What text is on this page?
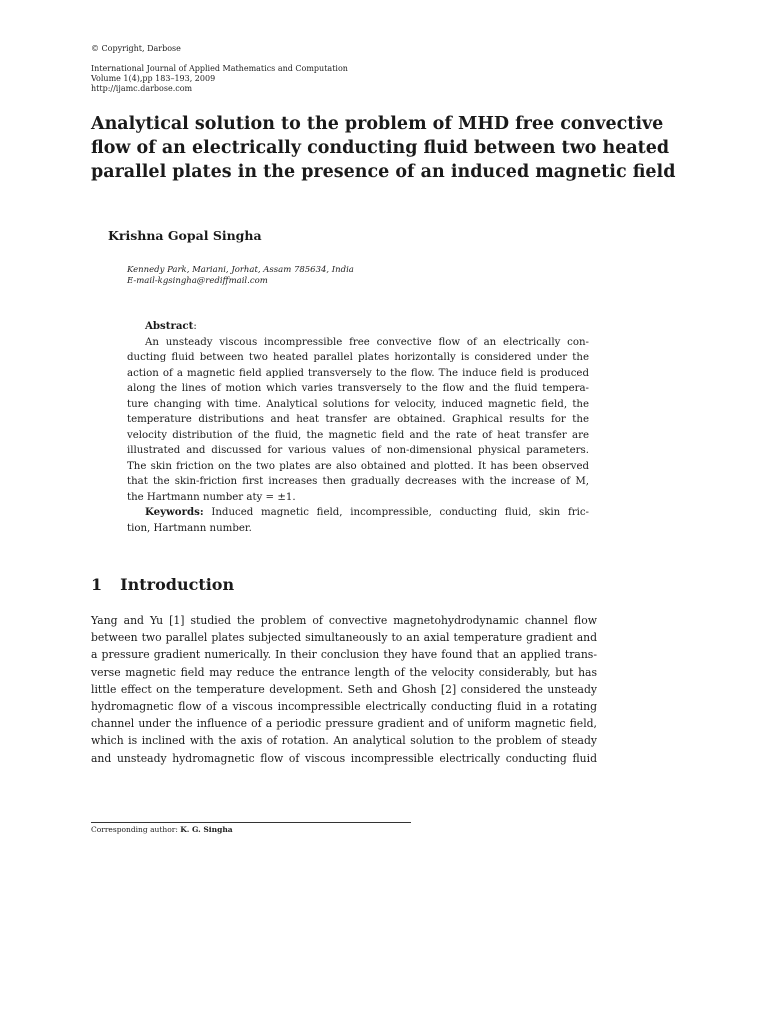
© Copyright, Darbose
International Journal of Applied Mathematics and Computation
Volume 1(4),pp 183–193, 2009
http://ijamc.darbose.com
Analytical solution to the problem of MHD free convective
flow of an electrically conducting fluid between two heated
parallel plates in the presence of an induced magnetic field
Krishna Gopal Singha
Kennedy Park, Mariani, Jorhat, Assam 785634, India
E-mail-kgsingha@rediffmail.com
Abstract:
An unsteady viscous incompressible free convective flow of an electrically con-
ducting fluid between two heated parallel plates horizontally is considered under the
action of a magnetic field applied transversely to the flow. The induce field is produced
along the lines of motion which varies transversely to the flow and the fluid tempera-
ture changing with time. Analytical solutions for velocity, induced magnetic field, the
temperature distributions and heat transfer are obtained. Graphical results for the
velocity distribution of the fluid, the magnetic field and the rate of heat transfer are
illustrated and discussed for various values of non-dimensional physical parameters.
The skin friction on the two plates are also obtained and plotted. It has been observed
that the skin-friction first increases then gradually decreases with the increase of M,
the Hartmann number aty = ±1.
Keywords: Induced magnetic field, incompressible, conducting fluid, skin fric-
tion, Hartmann number.
1 Introduction
Yang and Yu [1] studied the problem of convective magnetohydrodynamic channel flow
between two parallel plates subjected simultaneously to an axial temperature gradient and
a pressure gradient numerically. In their conclusion they have found that an applied trans-
verse magnetic field may reduce the entrance length of the velocity considerably, but has
little effect on the temperature development. Seth and Ghosh [2] considered the unsteady
hydromagnetic flow of a viscous incompressible electrically conducting fluid in a rotating
channel under the influence of a periodic pressure gradient and of uniform magnetic field,
which is inclined with the axis of rotation. An analytical solution to the problem of steady
and unsteady hydromagnetic flow of viscous incompressible electrically conducting fluid
Corresponding author: K. G. Singha
